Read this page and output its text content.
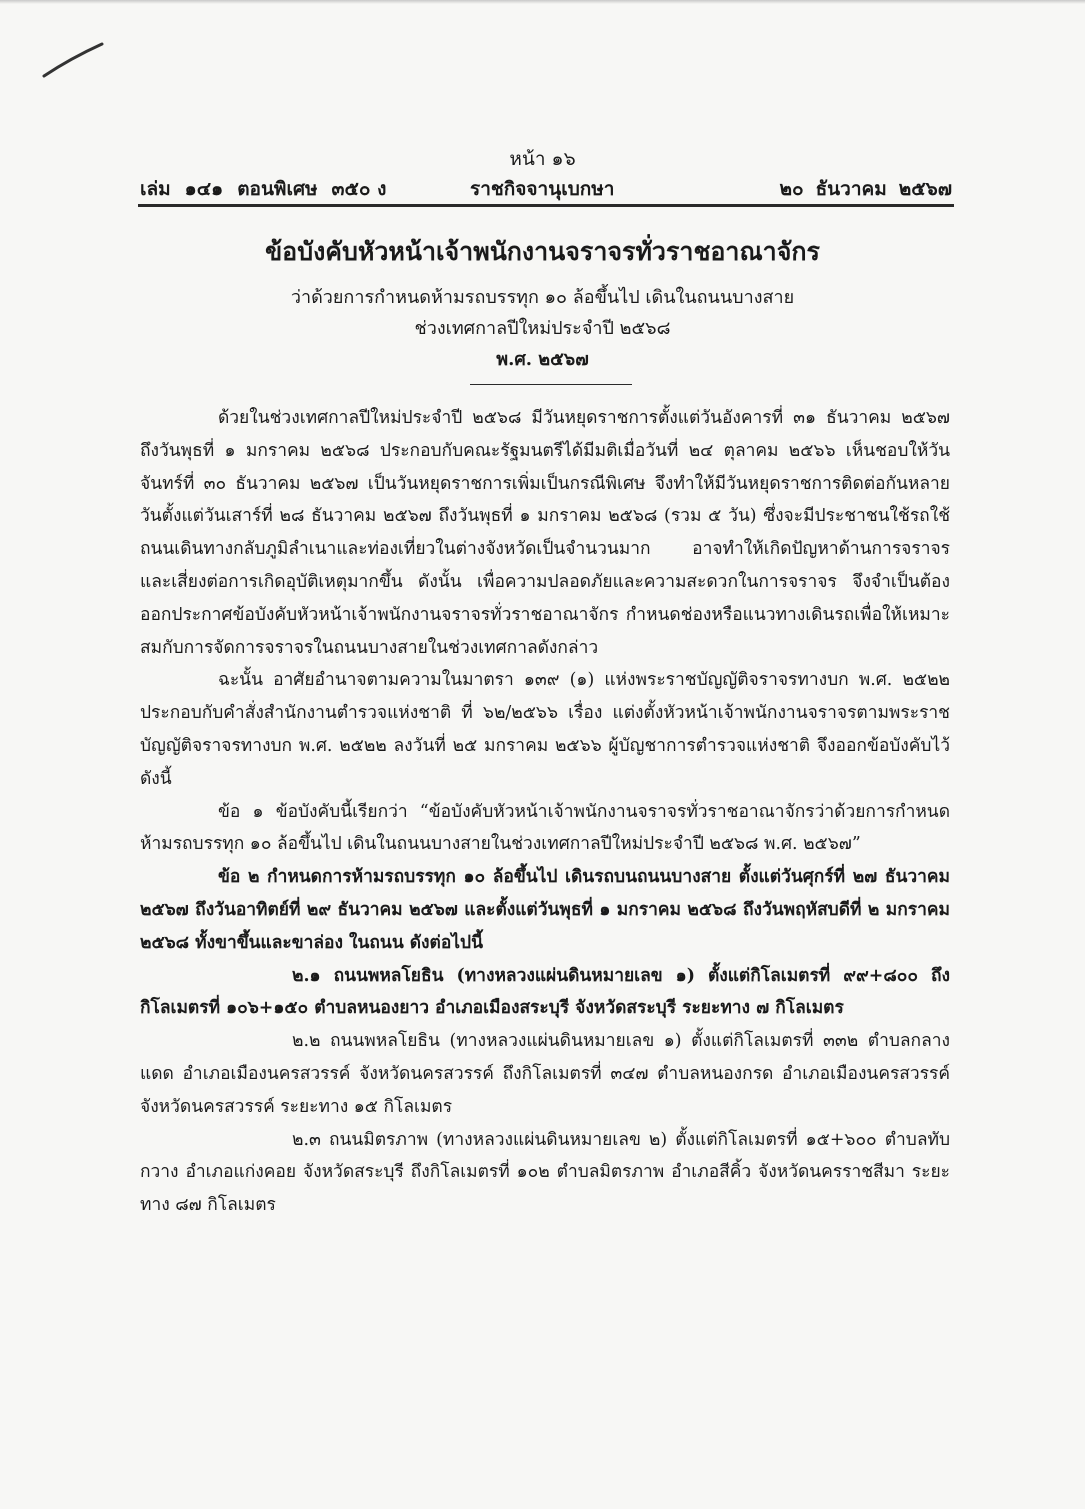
หน้า ๑๖
เล่ม ๑๔๑ ตอนพิเศษ ๓๕๐ ง	ราชกิจจานุเบกษา	๒๐ ธันวาคม ๒๕๖๗
ข้อบังคับหัวหน้าเจ้าพนักงานจราจรทั่วราชอาณาจักร
ว่าด้วยการกำหนดห้ามรถบรรทุก ๑๐ ล้อขึ้นไป เดินในถนนบางสาย
ช่วงเทศกาลปีใหม่ประจำปี ๒๕๖๘
พ.ศ. ๒๕๖๗

ด้วยในช่วงเทศกาลปีใหม่ประจำปี ๒๕๖๘ มีวันหยุดราชการตั้งแต่วันอังคารที่ ๓๑ ธันวาคม ๒๕๖๗ ถึงวันพุธที่ ๑ มกราคม ๒๕๖๘ ประกอบกับคณะรัฐมนตรีได้มีมติเมื่อวันที่ ๒๔ ตุลาคม ๒๕๖๖ เห็นชอบให้วันจันทร์ที่ ๓๐ ธันวาคม ๒๕๖๗ เป็นวันหยุดราชการเพิ่มเป็นกรณีพิเศษ จึงทำให้มีวันหยุดราชการติดต่อกันหลายวันตั้งแต่วันเสาร์ที่ ๒๘ ธันวาคม ๒๕๖๗ ถึงวันพุธที่ ๑ มกราคม ๒๕๖๘ (รวม ๕ วัน) ซึ่งจะมีประชาชนใช้รถใช้ถนนเดินทางกลับภูมิลำเนาและท่องเที่ยวในต่างจังหวัดเป็นจำนวนมาก อาจทำให้เกิดปัญหาด้านการจราจร และเสี่ยงต่อการเกิดอุบัติเหตุมากขึ้น ดังนั้น เพื่อความปลอดภัยและความสะดวกในการจราจร จึงจำเป็นต้องออกประกาศข้อบังคับหัวหน้าเจ้าพนักงานจราจรทั่วราชอาณาจักร กำหนดช่องหรือแนวทางเดินรถเพื่อให้เหมาะสมกับการจัดการจราจรในถนนบางสายในช่วงเทศกาลดังกล่าว

ฉะนั้น อาศัยอำนาจตามความในมาตรา ๑๓๙ (๑) แห่งพระราชบัญญัติจราจรทางบก พ.ศ. ๒๕๒๒ ประกอบกับคำสั่งสำนักงานตำรวจแห่งชาติ ที่ ๖๒/๒๕๖๖ เรื่อง แต่งตั้งหัวหน้าเจ้าพนักงานจราจรตามพระราชบัญญัติจราจรทางบก พ.ศ. ๒๕๒๒ ลงวันที่ ๒๕ มกราคม ๒๕๖๖ ผู้บัญชาการตำรวจแห่งชาติ จึงออกข้อบังคับไว้ ดังนี้

ข้อ ๑ ข้อบังคับนี้เรียกว่า “ข้อบังคับหัวหน้าเจ้าพนักงานจราจรทั่วราชอาณาจักรว่าด้วยการกำหนดห้ามรถบรรทุก ๑๐ ล้อขึ้นไป เดินในถนนบางสายในช่วงเทศกาลปีใหม่ประจำปี ๒๕๖๘ พ.ศ. ๒๕๖๗”

ข้อ ๒ กำหนดการห้ามรถบรรทุก ๑๐ ล้อขึ้นไป เดินรถบนถนนบางสาย ตั้งแต่วันศุกร์ที่ ๒๗ ธันวาคม ๒๕๖๗ ถึงวันอาทิตย์ที่ ๒๙ ธันวาคม ๒๕๖๗ และตั้งแต่วันพุธที่ ๑ มกราคม ๒๕๖๘ ถึงวันพฤหัสบดีที่ ๒ มกราคม ๒๕๖๘ ทั้งขาขึ้นและขาล่อง ในถนน ดังต่อไปนี้

๒.๑ ถนนพหลโยธิน (ทางหลวงแผ่นดินหมายเลข ๑) ตั้งแต่กิโลเมตรที่ ๙๙+๘๐๐ ถึงกิโลเมตรที่ ๑๐๖+๑๕๐ ตำบลหนองยาว อำเภอเมืองสระบุรี จังหวัดสระบุรี ระยะทาง ๗ กิโลเมตร

๒.๒ ถนนพหลโยธิน (ทางหลวงแผ่นดินหมายเลข ๑) ตั้งแต่กิโลเมตรที่ ๓๓๒ ตำบลกลางแดด อำเภอเมืองนครสวรรค์ จังหวัดนครสวรรค์ ถึงกิโลเมตรที่ ๓๔๗ ตำบลหนองกรด อำเภอเมืองนครสวรรค์ จังหวัดนครสวรรค์ ระยะทาง ๑๕ กิโลเมตร

๒.๓ ถนนมิตรภาพ (ทางหลวงแผ่นดินหมายเลข ๒) ตั้งแต่กิโลเมตรที่ ๑๕+๖๐๐ ตำบลทับกวาง อำเภอแก่งคอย จังหวัดสระบุรี ถึงกิโลเมตรที่ ๑๐๒ ตำบลมิตรภาพ อำเภอสีคิ้ว จังหวัดนครราชสีมา ระยะทาง ๘๗ กิโลเมตร
